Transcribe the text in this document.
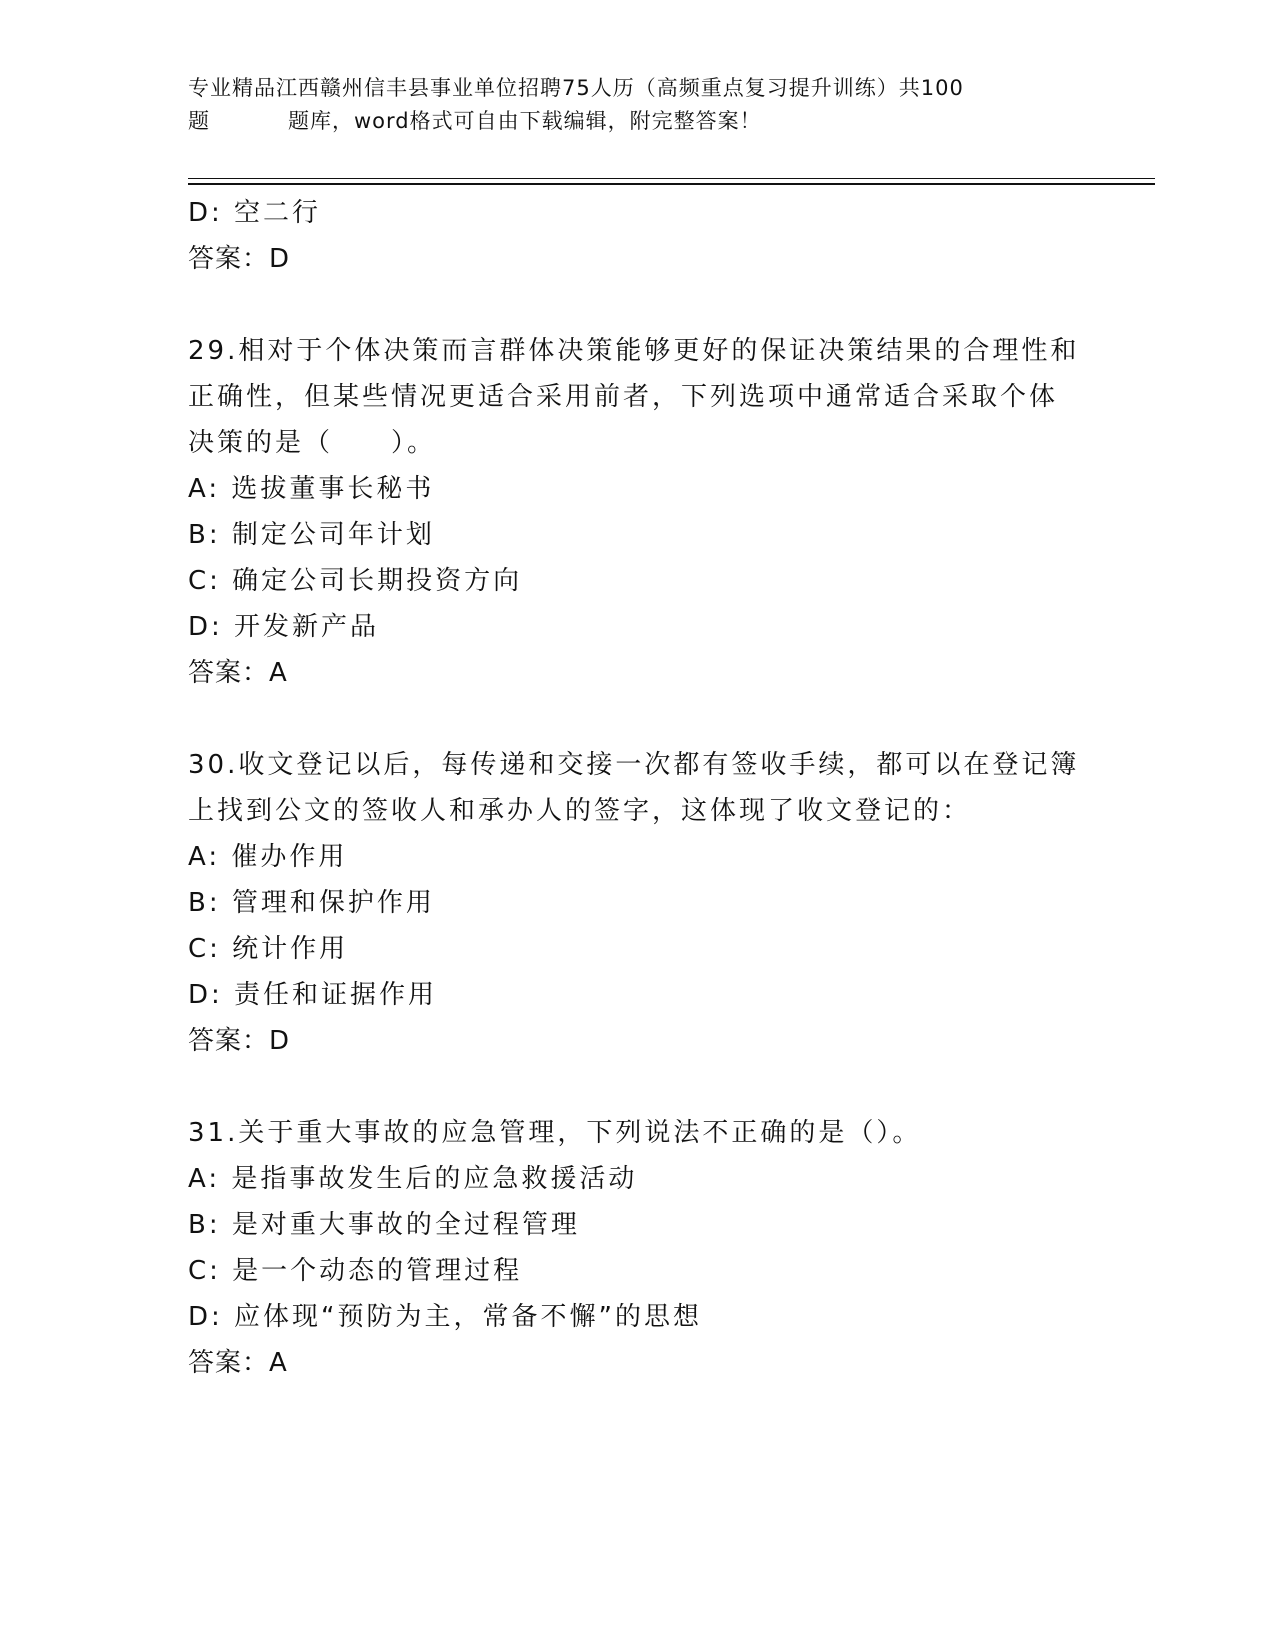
专业精品江西赣州信丰县事业单位招聘75人历（高频重点复习提升训练）共100
题	题库，word格式可自由下载编辑，附完整答案！
D: 空二行
答案：D
29.相对于个体决策而言群体决策能够更好的保证决策结果的合理性和
正确性，但某些情况更适合采用前者，下列选项中通常适合采取个体
决策的是（　　）。
A: 选拔董事长秘书
B: 制定公司年计划
C: 确定公司长期投资方向
D: 开发新产品
答案：A
30.收文登记以后，每传递和交接一次都有签收手续，都可以在登记簿
上找到公文的签收人和承办人的签字，这体现了收文登记的：
A: 催办作用
B: 管理和保护作用
C: 统计作用
D: 责任和证据作用
答案：D
31.关于重大事故的应急管理，下列说法不正确的是（）。
A: 是指事故发生后的应急救援活动
B: 是对重大事故的全过程管理
C: 是一个动态的管理过程
D: 应体现“预防为主，常备不懈”的思想
答案：A
